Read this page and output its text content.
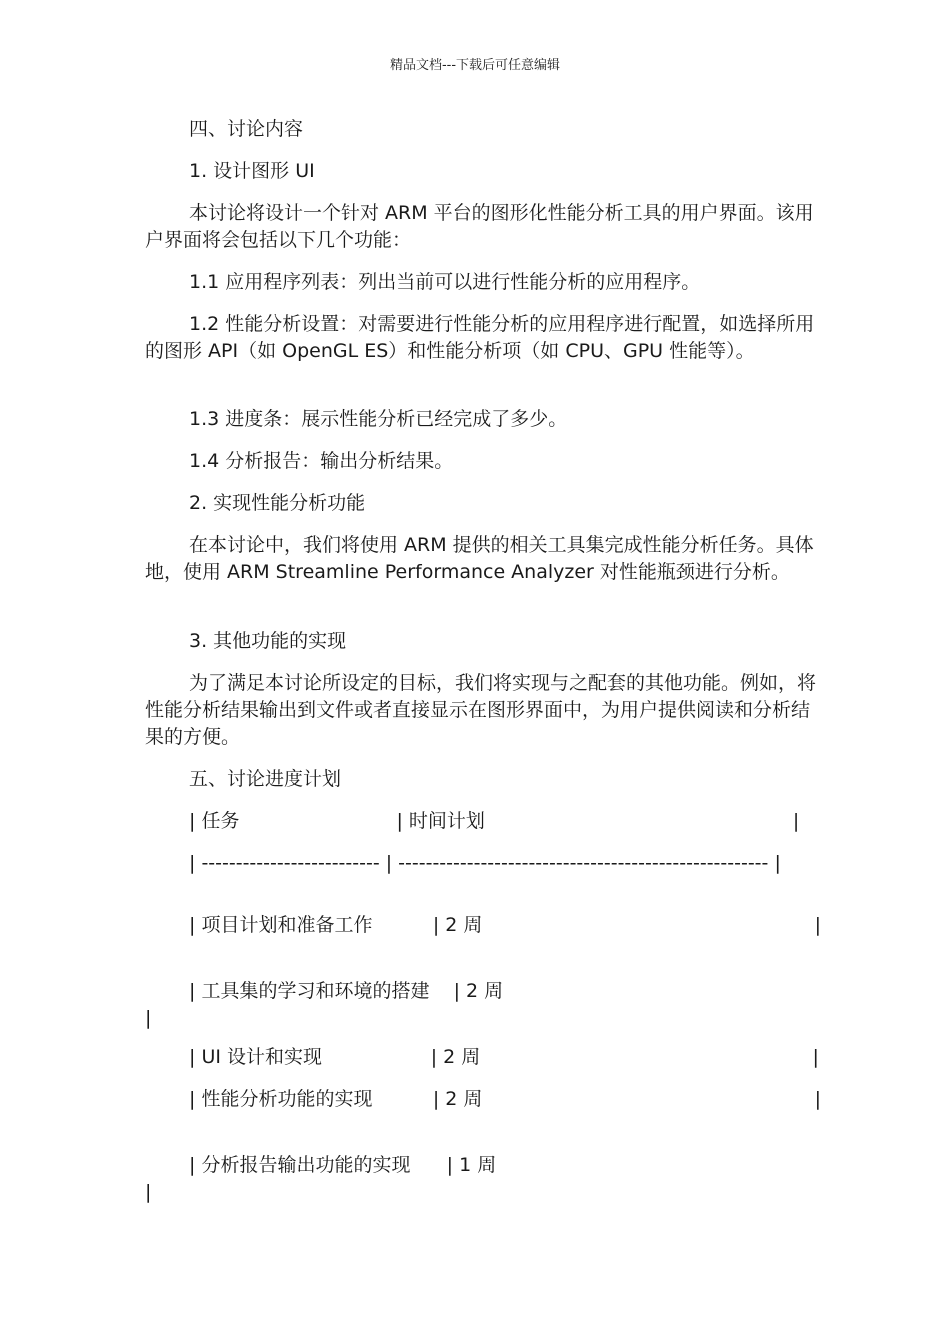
精品文档---下载后可任意编辑

四、讨论内容

1. 设计图形 UI

本讨论将设计一个针对 ARM 平台的图形化性能分析工具的用户界面。该用户界面将会包括以下几个功能：

1.1 应用程序列表：列出当前可以进行性能分析的应用程序。

1.2 性能分析设置：对需要进行性能分析的应用程序进行配置，如选择所用的图形 API（如 OpenGL ES）和性能分析项（如 CPU、GPU 性能等）。

1.3 进度条：展示性能分析已经完成了多少。

1.4 分析报告：输出分析结果。

2. 实现性能分析功能

在本讨论中，我们将使用 ARM 提供的相关工具集完成性能分析任务。具体地，使用 ARM Streamline Performance Analyzer 对性能瓶颈进行分析。

3. 其他功能的实现

为了满足本讨论所设定的目标，我们将实现与之配套的其他功能。例如，将性能分析结果输出到文件或者直接显示在图形界面中，为用户提供阅读和分析结果的方便。

五、讨论进度计划

| 任务                          | 时间计划                                                   |

| -------------------------- | ------------------------------------------------------ |

| 项目计划和准备工作          | 2 周                                                       |

| 工具集的学习和环境的搭建    | 2 周                                                       |

| UI 设计和实现                  | 2 周                                                       |

| 性能分析功能的实现          | 2 周                                                       |

| 分析报告输出功能的实现      | 1 周                                                       |
